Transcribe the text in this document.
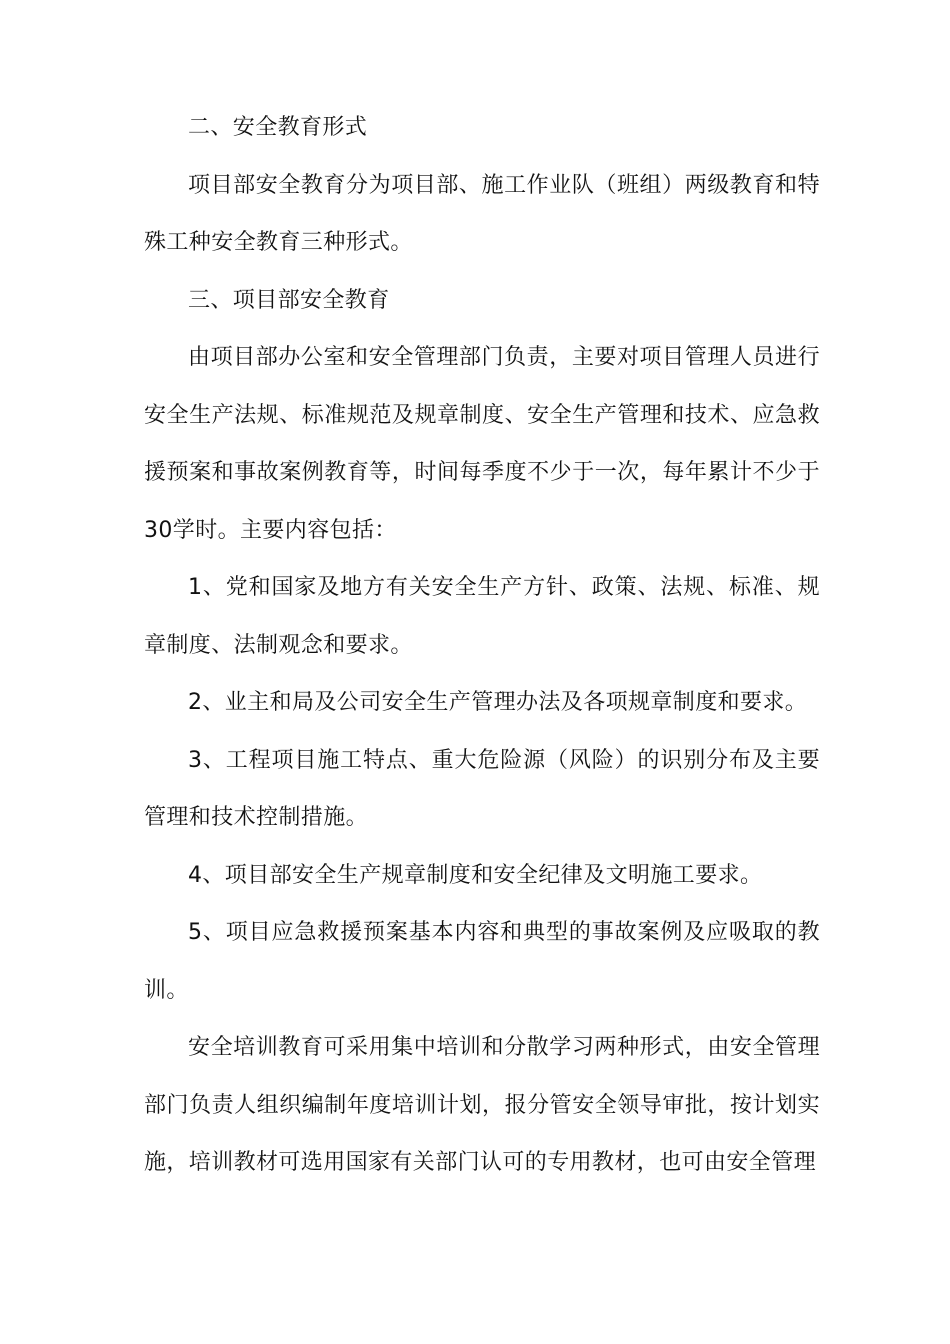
二、安全教育形式

项目部安全教育分为项目部、施工作业队（班组）两级教育和特殊工种安全教育三种形式。

三、项目部安全教育

由项目部办公室和安全管理部门负责，主要对项目管理人员进行安全生产法规、标准规范及规章制度、安全生产管理和技术、应急救援预案和事故案例教育等，时间每季度不少于一次，每年累计不少于30学时。主要内容包括：

1、党和国家及地方有关安全生产方针、政策、法规、标准、规章制度、法制观念和要求。

2、业主和局及公司安全生产管理办法及各项规章制度和要求。

3、工程项目施工特点、重大危险源（风险）的识别分布及主要管理和技术控制措施。

4、项目部安全生产规章制度和安全纪律及文明施工要求。

5、项目应急救援预案基本内容和典型的事故案例及应吸取的教训。

安全培训教育可采用集中培训和分散学习两种形式，由安全管理部门负责人组织编制年度培训计划，报分管安全领导审批，按计划实施，培训教材可选用国家有关部门认可的专用教材，也可由安全管理
